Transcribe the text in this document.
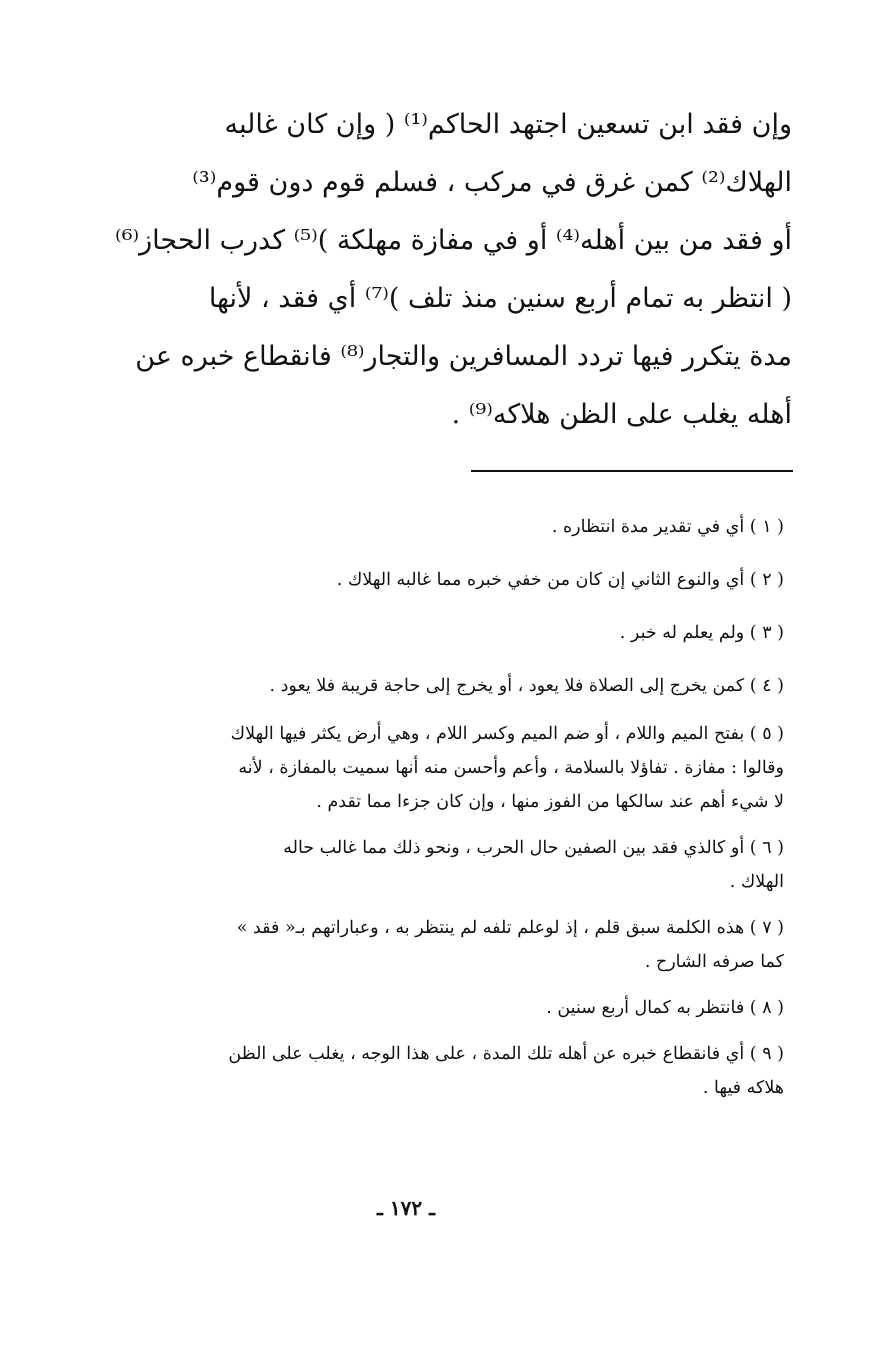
وإن فقد ابن تسعين اجتهد الحاكم⁽¹⁾ ( وإن كان غالبه
الهلاك⁽²⁾ كمن غرق في مركب ، فسلم قوم دون قوم⁽³⁾
أو فقد من بين أهله⁽⁴⁾ أو في مفازة مهلكة )⁽⁵⁾ كدرب الحجاز⁽⁶⁾
( انتظر به تمام أربع سنين منذ تلف )⁽⁷⁾ أي فقد ، لأنها
مدة يتكرر فيها تردد المسافرين والتجار⁽⁸⁾ فانقطاع خبره عن
أهله يغلب على الظن هلاكه⁽⁹⁾ .
( ١ ) أي في تقدير مدة انتظاره .
( ٢ ) أي والنوع الثاني إن كان من خفي خبره مما غالبه الهلاك .
( ٣ ) ولم يعلم له خبر .
( ٤ ) كمن يخرج إلى الصلاة فلا يعود ، أو يخرج إلى حاجة قريبة فلا يعود .
( ٥ ) بفتح الميم واللام ، أو ضم الميم وكسر اللام ، وهي أرض يكثر فيها الهلاك
وقالوا : مفازة . تفاؤلا بالسلامة ، وأعم وأحسن منه أنها سميت بالمفازة ، لأنه
لا شيء أهم عند سالكها من الفوز منها ، وإن كان جزءا مما تقدم .
( ٦ ) أو كالذي فقد بين الصفين حال الحرب ، ونحو ذلك مما غالب حاله
الهلاك .
( ٧ ) هذه الكلمة سبق قلم ، إذ لوعلم تلفه لم ينتظر به ، وعباراتهم بـ« فقد »
كما صرفه الشارح .
( ٨ ) فانتظر به كمال أربع سنين .
( ٩ ) أي فانقطاع خبره عن أهله تلك المدة ، على هذا الوجه ، يغلب على الظن
هلاكه فيها .
ـ ١٧٢ ـ
